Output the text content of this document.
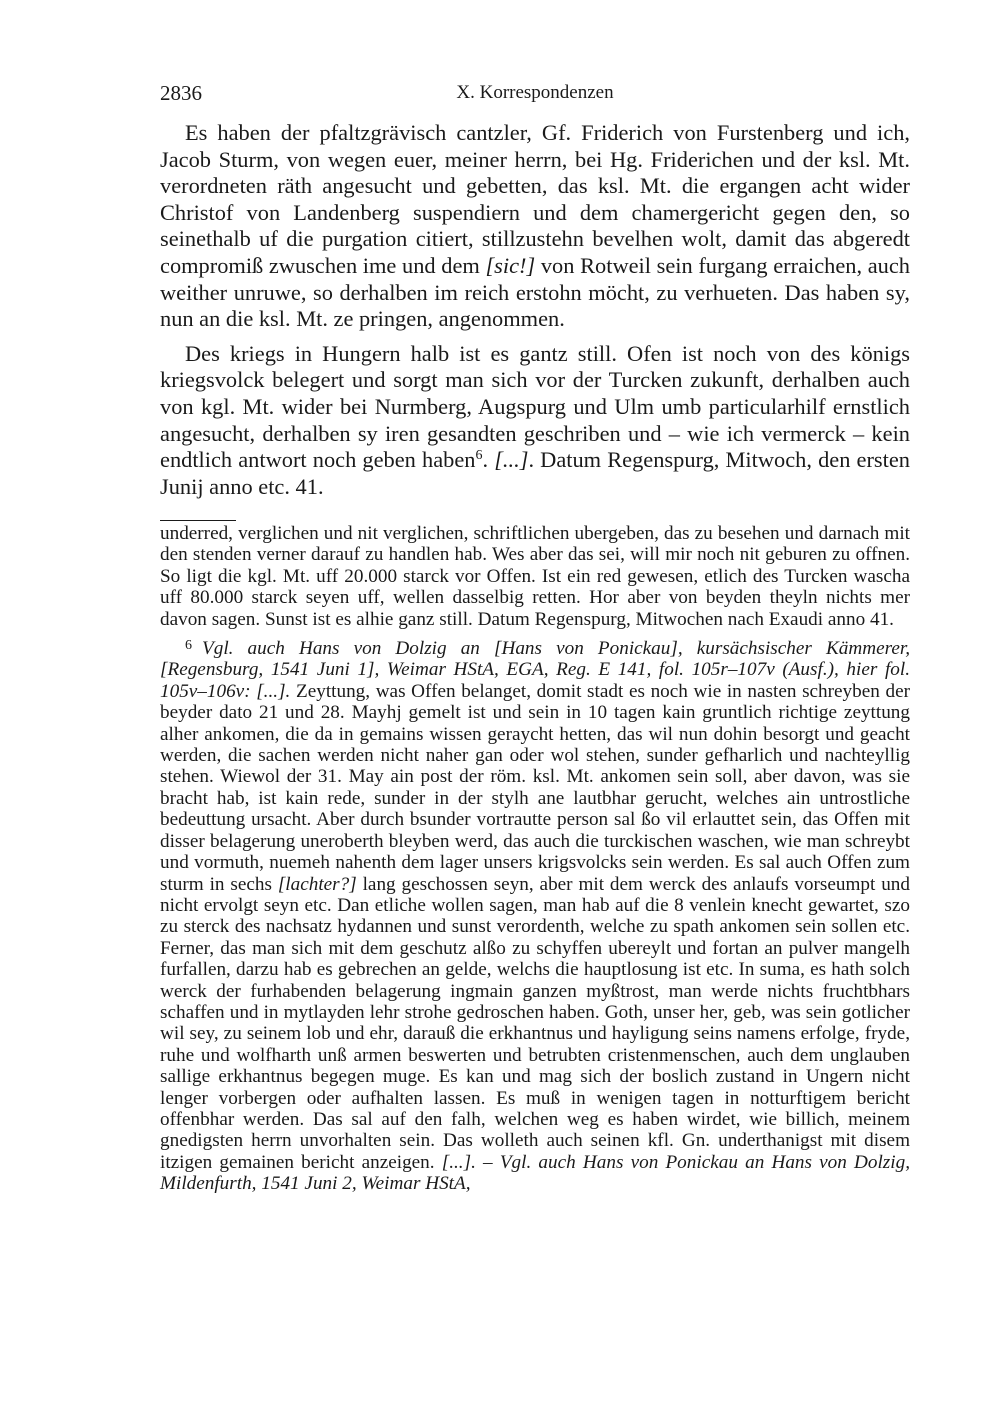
2836	X. Korrespondenzen

Es haben der pfaltzgrävisch cantzler, Gf. Friderich von Furstenberg und ich, Jacob Sturm, von wegen euer, meiner herrn, bei Hg. Friderichen und der ksl. Mt. verordneten räth angesucht und gebetten, das ksl. Mt. die ergangen acht wider Christof von Landenberg suspendiern und dem chamergericht gegen den, so seinethalb uf die purgation citiert, stillzustehn bevelhen wolt, damit das abgeredt compromiß zwuschen ime und dem [sic!] von Rotweil sein furgang erraichen, auch weither unruwe, so derhalben im reich erstohn möcht, zu verhueten. Das haben sy, nun an die ksl. Mt. ze pringen, angenommen.

Des kriegs in Hungern halb ist es gantz still. Ofen ist noch von des königs kriegsvolck belegert und sorgt man sich vor der Turcken zukunft, derhalben auch von kgl. Mt. wider bei Nurmberg, Augspurg und Ulm umb particularhilf ernstlich angesucht, derhalben sy iren gesandten geschriben und – wie ich vermerck – kein endtlich antwort noch geben haben$^6$. [...]. Datum Regenspurg, Mitwoch, den ersten Junij anno etc. 41.

underred, verglichen und nit verglichen, schriftlichen ubergeben, das zu besehen und darnach mit den stenden verner darauf zu handlen hab. Wes aber das sei, will mir noch nit geburen zu offnen. So ligt die kgl. Mt. uff 20.000 starck vor Offen. Ist ein red gewesen, etlich des Turcken wascha uff 80.000 starck seyen uff, wellen dasselbig retten. Hor aber von beyden theyln nichts mer davon sagen. Sunst ist es alhie ganz still. Datum Regenspurg, Mitwochen nach Exaudi anno 41.

$^6$ Vgl. auch Hans von Dolzig an [Hans von Ponickau], kursächsischer Kämmerer, [Regensburg, 1541 Juni 1], Weimar HStA, EGA, Reg. E 141, fol. 105r–107v (Ausf.), hier fol. 105v–106v: [...]. Zeyttung, was Offen belanget, domit stadt es noch wie in nasten schreyben der beyder dato 21 und 28. Mayhj gemelt ist und sein in 10 tagen kain gruntlich richtige zeyttung alher ankomen, die da in gemains wissen geraycht hetten, das wil nun dohin besorgt und geacht werden, die sachen werden nicht naher gan oder wol stehen, sunder gefharlich und nachteyllig stehen. Wiewol der 31. May ain post der röm. ksl. Mt. ankomen sein soll, aber davon, was sie bracht hab, ist kain rede, sunder in der stylh ane lautbhar gerucht, welches ain untrostliche bedeuttung ursacht. Aber durch bsunder vortrautte person sal ßo vil erlauttet sein, das Offen mit disser belagerung uneroberth bleyben werd, das auch die turckischen waschen, wie man schreybt und vormuth, nuemeh nahenth dem lager unsers krigsvolcks sein werden. Es sal auch Offen zum sturm in sechs [lachter?] lang geschossen seyn, aber mit dem werck des anlaufs vorseumpt und nicht ervolgt seyn etc. Dan etliche wollen sagen, man hab auf die 8 venlein knecht gewartet, szo zu sterck des nachsatz hydannen und sunst verordenth, welche zu spath ankomen sein sollen etc. Ferner, das man sich mit dem geschutz alßo zu schyffen ubereylt und fortan an pulver mangelh furfallen, darzu hab es gebrechen an gelde, welchs die hauptlosung ist etc. In suma, es hath solch werck der furhabenden belagerung ingmain ganzen myßtrost, man werde nichts fruchtbhars schaffen und in mytlayden lehr strohe gedroschen haben. Goth, unser her, geb, was sein gotlicher wil sey, zu seinem lob und ehr, darauß die erkhantnus und hayligung seins namens erfolge, fryde, ruhe und wolfharth unß armen beswerten und betrubten cristenmenschen, auch dem unglauben sallige erkhantnus begegen muge. Es kan und mag sich der boslich zustand in Ungern nicht lenger vorbergen oder aufhalten lassen. Es muß in wenigen tagen in notturftigem bericht offenbhar werden. Das sal auf den falh, welchen weg es haben wirdet, wie billich, meinem gnedigsten herrn unvorhalten sein. Das wolleth auch seinen kfl. Gn. underthanigst mit disem itzigen gemainen bericht anzeigen. [...]. – Vgl. auch Hans von Ponickau an Hans von Dolzig, Mildenfurth, 1541 Juni 2, Weimar HStA,
